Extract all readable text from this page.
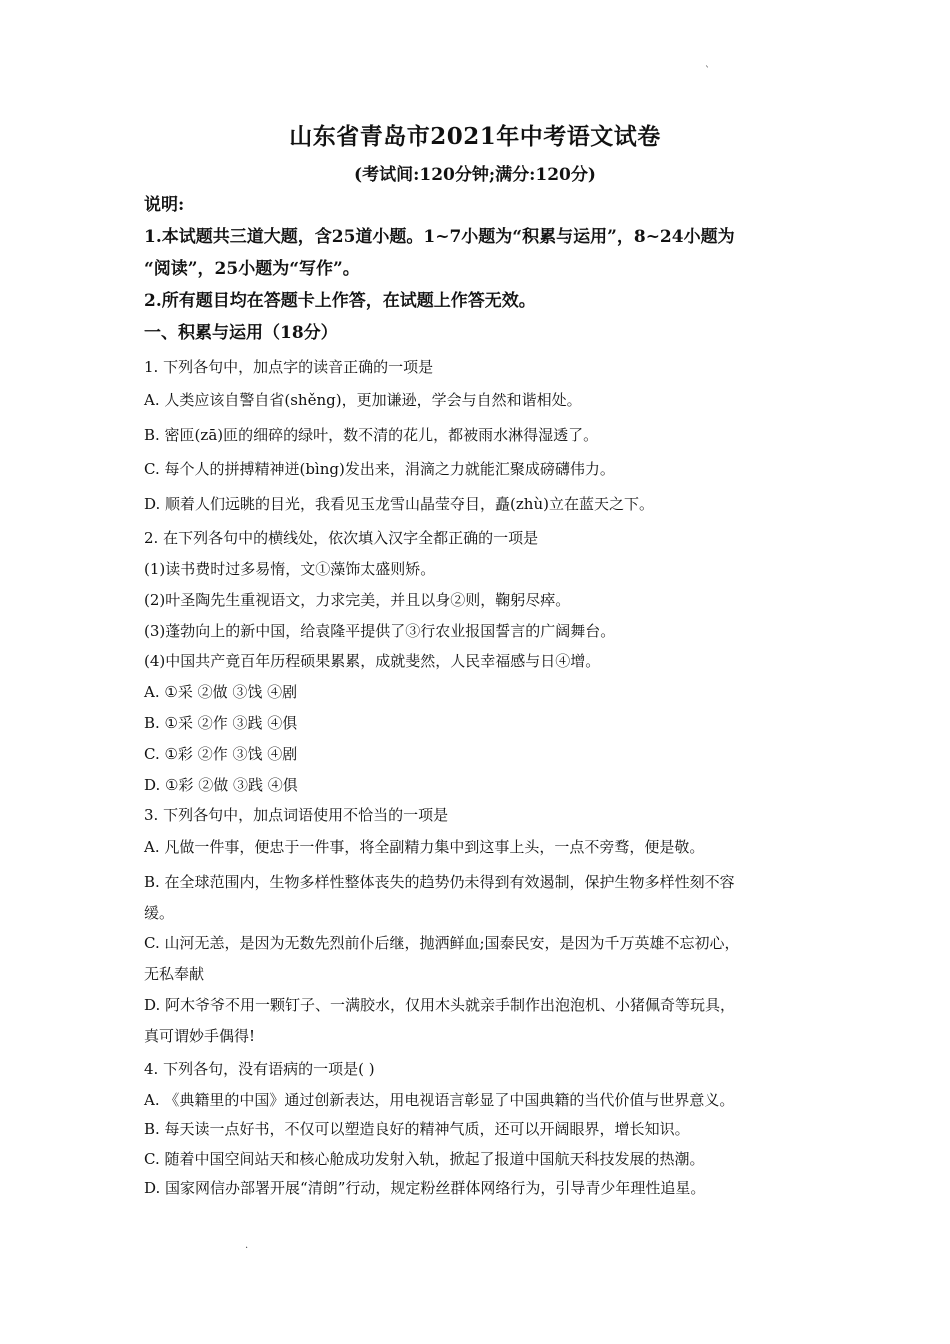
`
山东省青岛市2021年中考语文试卷
(考试间:120分钟;满分:120分)
说明:
1.本试题共三道大题，含25道小题。1~7小题为“积累与运用”，8~24小题为
“阅读”，25小题为“写作”。
2.所有题目均在答题卡上作答，在试题上作答无效。
一、积累与运用（18分）
1. 下列各句中，加点字的读音正确的一项是
A. 人类应该自警自省(shěng)，更加谦逊，学会与自然和谐相处。
B. 密匝(zā)匝的细碎的绿叶，数不清的花儿，都被雨水淋得湿透了。
C. 每个人的拼搏精神迸(bìng)发出来，涓滴之力就能汇聚成磅礴伟力。
D. 顺着人们远眺的目光，我看见玉龙雪山晶莹夺目，矗(zhù)立在蓝天之下。
2. 在下列各句中的横线处，依次填入汉字全都正确的一项是
(1)读书费时过多易惰，文①藻饰太盛则矫。
(2)叶圣陶先生重视语文，力求完美，并且以身②则，鞠躬尽瘁。
(3)蓬勃向上的新中国，给袁隆平提供了③行农业报国誓言的广阔舞台。
(4)中国共产竟百年历程硕果累累，成就斐然，人民幸福感与日④增。
A. ①采 ②做 ③饯 ④剧
B. ①采 ②作 ③践 ④俱
C. ①彩 ②作 ③饯 ④剧
D. ①彩 ②做 ③践 ④俱
3. 下列各句中，加点词语使用不恰当的一项是
A. 凡做一件事，便忠于一件事，将全副精力集中到这事上头，一点不旁骛，便是敬。
B. 在全球范围内，生物多样性整体丧失的趋势仍未得到有效遏制，保护生物多样性刻不容
缓。
C. 山河无恙，是因为无数先烈前仆后继，抛洒鲜血;国泰民安，是因为千万英雄不忘初心，
无私奉献
D. 阿木爷爷不用一颗钉子、一满胶水，仅用木头就亲手制作出泡泡机、小猪佩奇等玩具，
真可谓妙手偶得!
4. 下列各句，没有语病的一项是( )
A. 《典籍里的中国》通过创新表达，用电视语言彰显了中国典籍的当代价值与世界意义。
B. 每天读一点好书，不仅可以塑造良好的精神气质，还可以开阔眼界，增长知识。
C. 随着中国空间站天和核心舱成功发射入轨，掀起了报道中国航天科技发展的热潮。
D. 国家网信办部署开展“清朗”行动，规定粉丝群体网络行为，引导青少年理性追星。
.
